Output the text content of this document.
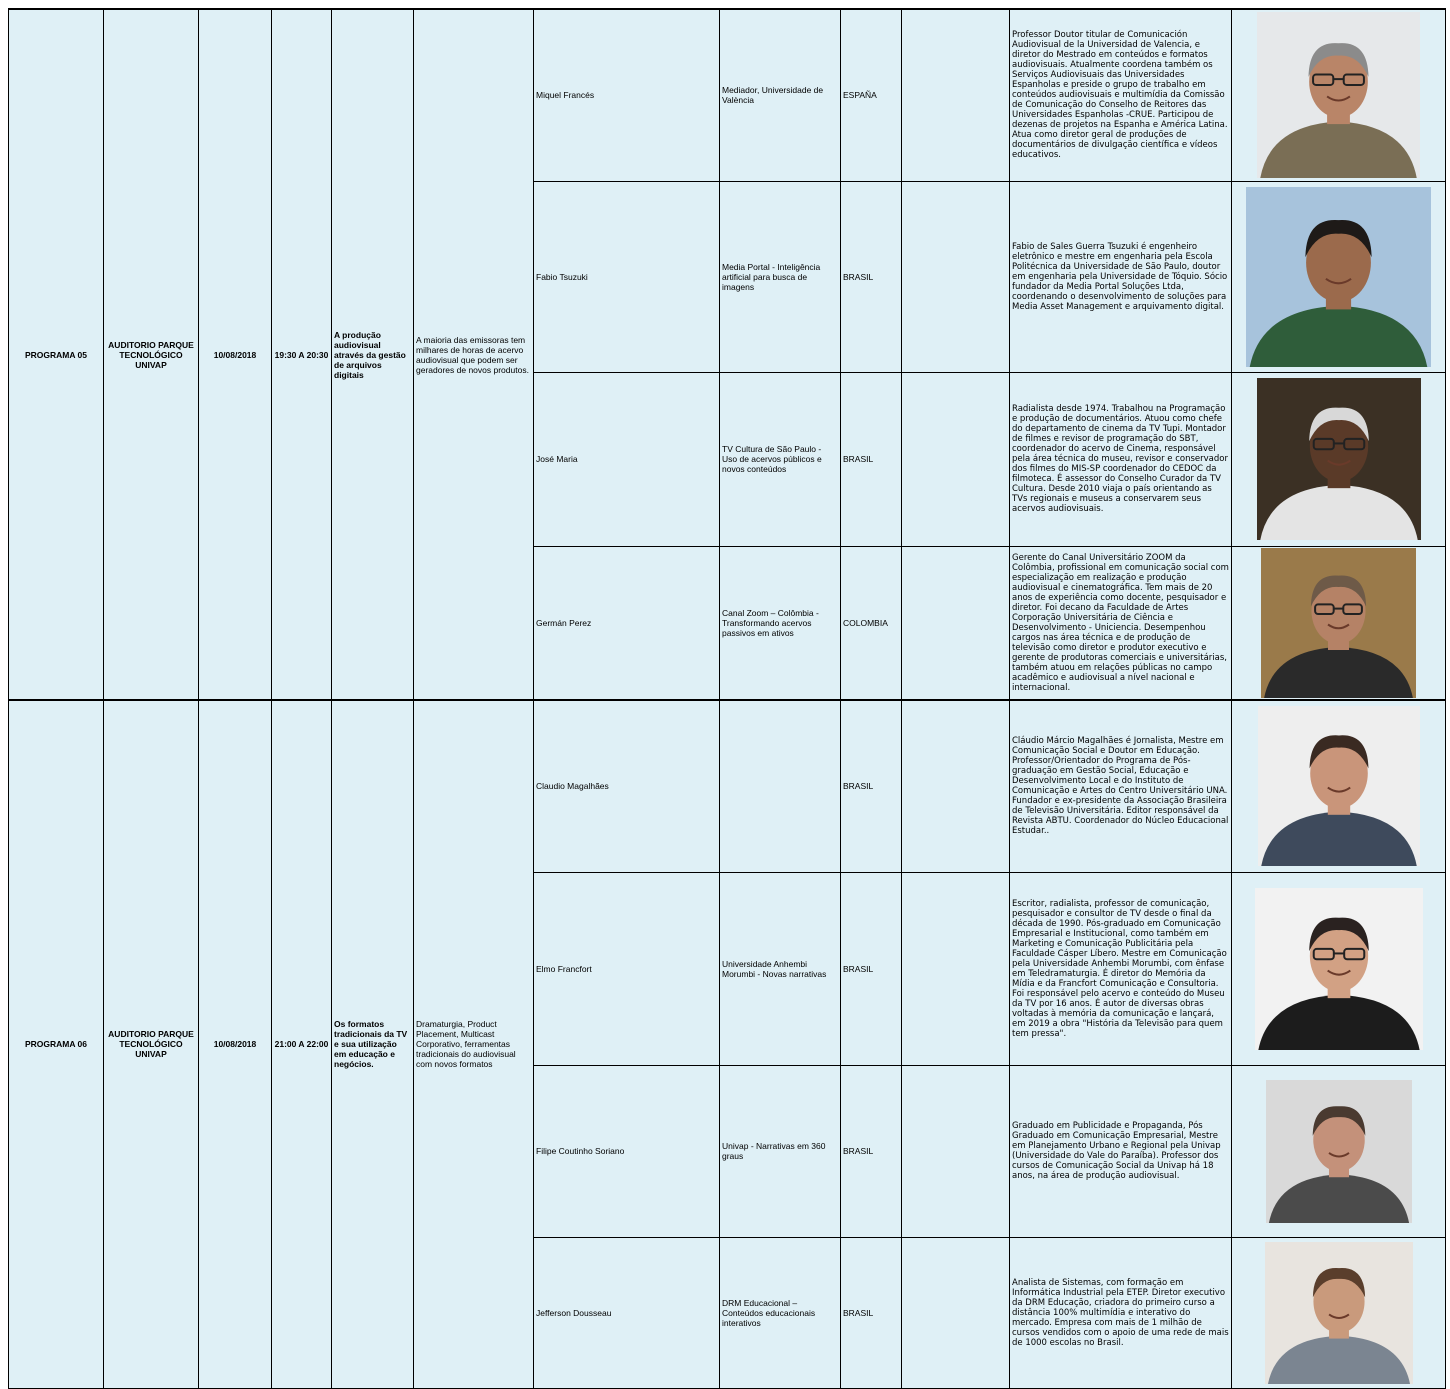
PROGRAMA 05	AUDITORIO PARQUE TECNOLÓGICO UNIVAP	10/08/2018	19:30 A 20:30	A produção audiovisual através da gestão de arquivos digitais	A maioria das emissoras tem milhares de horas de acervo audiovisual que podem ser geradores de novos produtos.	Miquel Francés	Mediador, Universidade de València	ESPAÑA		Professor Doutor titular de Comunicación Audiovisual de la Universidad de Valencia, e diretor do Mestrado em conteúdos e formatos audiovisuais. Atualmente coordena também os Serviços Audiovisuais das Universidades Espanholas e preside o grupo de trabalho em conteúdos audiovisuais e multimídia da Comissão de Comunicação do Conselho de Reitores das Universidades Espanholas -CRUE. Participou de dezenas de projetos na Espanha e América Latina. Atua como diretor geral de produções de documentários de divulgação científica e vídeos educativos.	

						Fabio Tsuzuki	Media Portal - Inteligência artificial para busca de imagens	BRASIL		Fabio de Sales Guerra Tsuzuki é engenheiro eletrônico e mestre em engenharia pela Escola Politécnica da Universidade de São Paulo, doutor em engenharia pela Universidade de Tóquio. Sócio fundador da Media Portal Soluções Ltda, coordenando o desenvolvimento de soluções para Media Asset Management e arquivamento digital.	

						José Maria	TV Cultura de São Paulo - Uso de acervos públicos e novos conteúdos	BRASIL		Radialista desde 1974. Trabalhou na Programação e produção de documentários. Atuou como chefe do departamento de cinema da TV Tupi. Montador de filmes e revisor de programação do SBT, coordenador do acervo de Cinema, responsável pela área técnica do museu, revisor e conservador dos filmes do MIS-SP coordenador do CEDOC da filmoteca. É assessor do Conselho Curador da TV Cultura. Desde 2010 viaja o país orientando as TVs regionais e museus a conservarem seus acervos audiovisuais.	

						Germán Perez	Canal Zoom – Colômbia - Transformando acervos passivos em ativos	COLOMBIA		Gerente do Canal Universitário ZOOM da Colômbia, profissional em comunicação social com especialização em realização e produção audiovisual e cinematográfica. Tem mais de 20 anos de experiência como docente, pesquisador e diretor. Foi decano da Faculdade de Artes Corporação Universitária de Ciência e Desenvolvimento - Uniciencia. Desempenhou cargos nas área técnica e de produção de televisão como diretor e produtor executivo e gerente de produtoras comerciais e universitárias, também atuou em relações públicas no campo acadêmico e audiovisual a nível nacional e internacional.	

PROGRAMA 06	AUDITORIO PARQUE TECNOLÓGICO UNIVAP	10/08/2018	21:00 A 22:00	Os formatos tradicionais da TV e sua utilização em educação e negócios.	Dramaturgia, Product Placement, Multicast Corporativo, ferramentas tradicionais do audiovisual com novos formatos	Claudio Magalhães		BRASIL		Cláudio Márcio Magalhães é Jornalista, Mestre em Comunicação Social e Doutor em Educação. Professor/Orientador do Programa de Pós-graduação em Gestão Social, Educação e Desenvolvimento Local e do Instituto de Comunicação e Artes do Centro Universitário UNA. Fundador e ex-presidente da Associação Brasileira de Televisão Universitária. Editor responsável da Revista ABTU. Coordenador do Núcleo Educacional Estudar..	

						Elmo Francfort	Universidade Anhembi Morumbi - Novas narrativas	BRASIL		Escritor, radialista, professor de comunicação, pesquisador e consultor de TV desde o final da década de 1990. Pós-graduado em Comunicação Empresarial e Institucional, como também em Marketing e Comunicação Publicitária pela Faculdade Cásper Líbero. Mestre em Comunicação pela Universidade Anhembi Morumbi, com ênfase em Teledramaturgia. É diretor do Memória da Mídia e da Francfort Comunicação e Consultoria. Foi responsável pelo acervo e conteúdo do Museu da TV por 16 anos. É autor de diversas obras voltadas à memória da comunicação e lançará, em 2019 a obra "História da Televisão para quem tem pressa".	

						Filipe Coutinho Soriano	Univap - Narrativas em 360 graus	BRASIL		Graduado em Publicidade e Propaganda, Pós Graduado em Comunicação Empresarial, Mestre em Planejamento Urbano e Regional pela Univap (Universidade do Vale do Paraíba). Professor dos cursos de Comunicação Social da Univap há 18 anos, na área de produção audiovisual.	

						Jefferson Dousseau	DRM Educacional – Conteúdos educacionais interativos	BRASIL		Analista de Sistemas, com formação em Informática Industrial pela ETEP. Diretor executivo da DRM Educação, criadora do primeiro curso a distância 100% multimídia e interativo do mercado. Empresa com mais de 1 milhão de cursos vendidos com o apoio de uma rede de mais de 1000 escolas no Brasil.	
